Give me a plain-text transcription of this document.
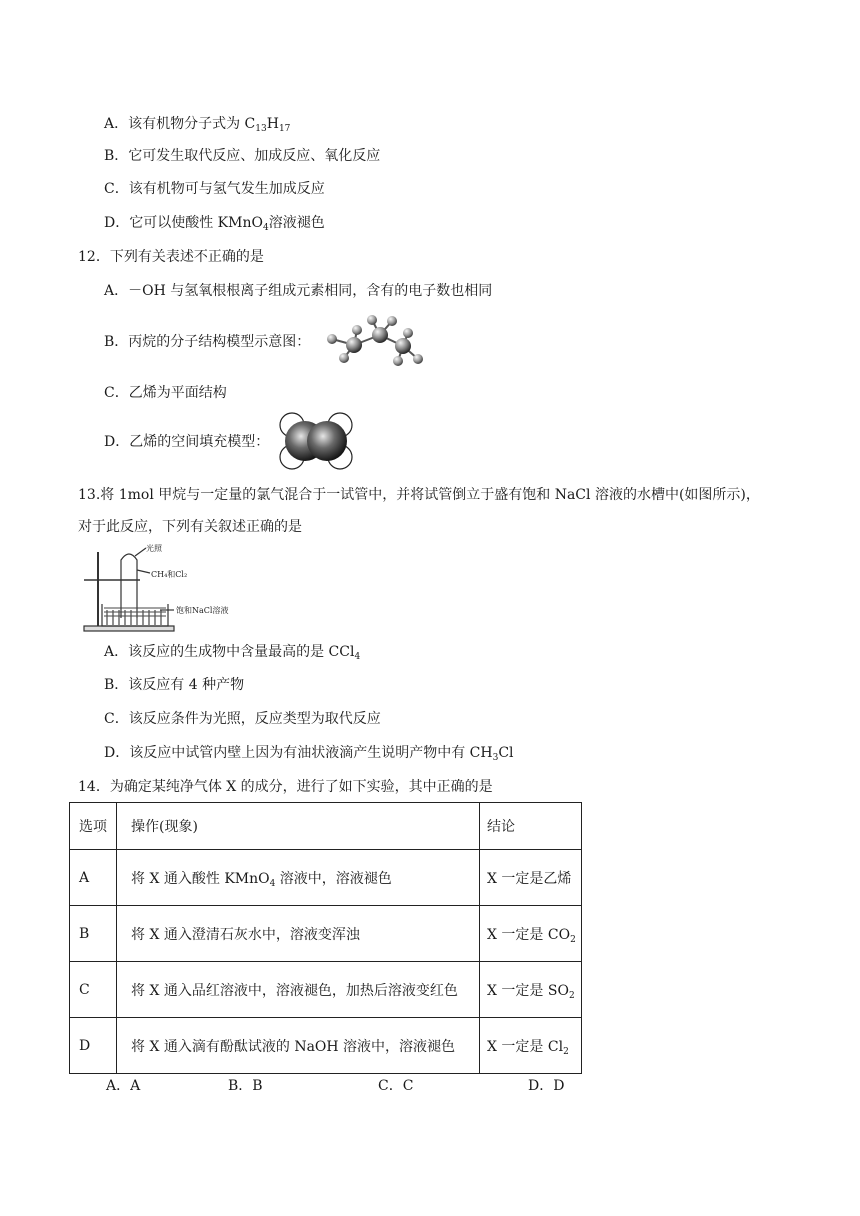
A．该有机物分子式为 $C_{13}H_{17}$
B．它可发生取代反应、加成反应、氧化反应
C．该有机物可与氢气发生加成反应
D．它可以使酸性 KMnO$_4$溶液褪色
12．下列有关表述不正确的是
A．－OH 与氢氧根根离子组成元素相同，含有的电子数也相同
B．丙烷的分子结构模型示意图：
C．乙烯为平面结构
D．乙烯的空间填充模型：
13.将 1mol 甲烷与一定量的氯气混合于一试管中，并将试管倒立于盛有饱和 NaCl 溶液的水槽中(如图所示)，
对于此反应，下列有关叙述正确的是
光照
CH₄和Cl₂
饱和NaCl溶液
A．该反应的生成物中含量最高的是 CCl$_4$
B．该反应有 4 种产物
C．该反应条件为光照，反应类型为取代反应
D．该反应中试管内壁上因为有油状液滴产生说明产物中有 $CH_3Cl$
14．为确定某纯净气体 X 的成分，进行了如下实验，其中正确的是
选项	操作(现象)	结论
A	将 X 通入酸性 KMnO$_4$ 溶液中，溶液褪色	X 一定是乙烯
B	将 X 通入澄清石灰水中，溶液变浑浊	X 一定是 $CO_2$
C	将 X 通入品红溶液中，溶液褪色，加热后溶液变红色	X 一定是 $SO_2$
D	将 X 通入滴有酚酞试液的 NaOH 溶液中，溶液褪色	X 一定是 $Cl_2$
A．A	B．B	C．C	D．D
